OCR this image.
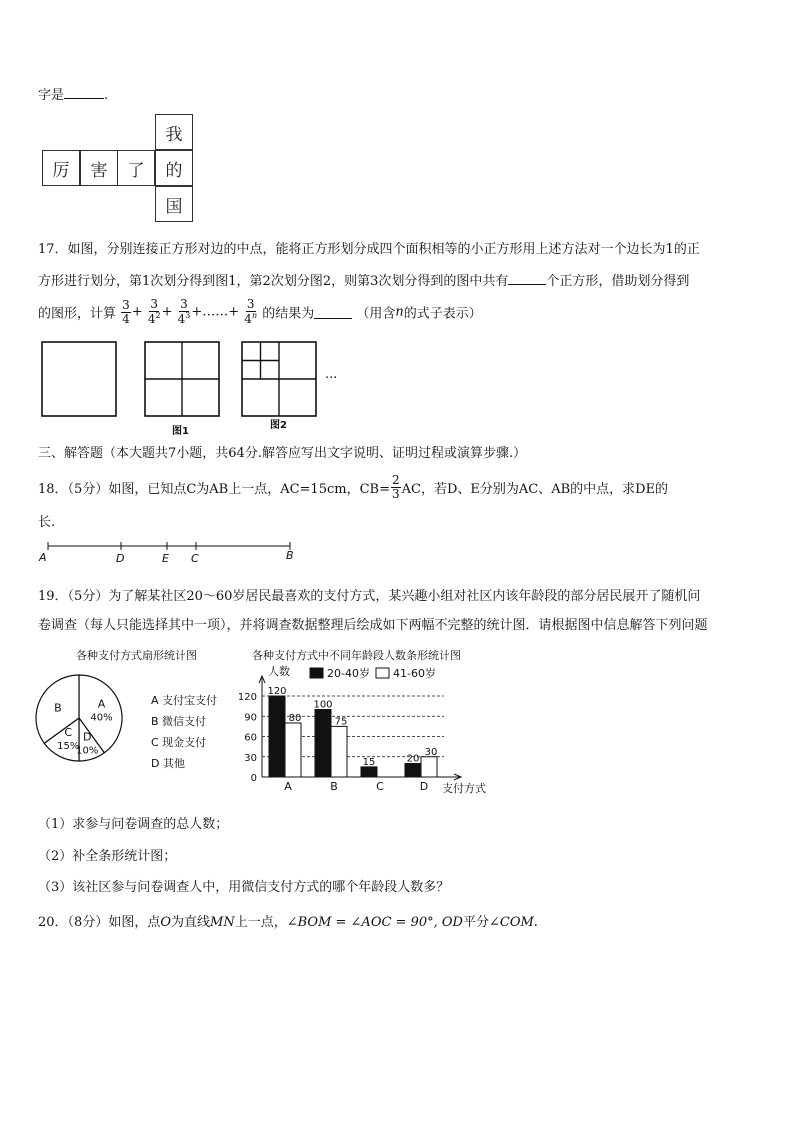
字是	.
我
厉	害	了	的
国
17．如图，分别连接正方形对边的中点，能将正方形划分成四个面积相等的小正方形用上述方法对一个边长为1的正
方形进行划分，第1次划分得到图1，第2次划分图2，则第3次划分得到的图中共有	个正方形，借助划分得到
的图形，计算 $\frac{3}{4} + \frac{3}{4^2} + \frac{3}{4^3}$ +……+ $\frac{3}{4^n}$ 的结果为	（用含n的式子表示）
···
图1
图2
三、解答题（本大题共7小题，共64分.解答应写出文字说明、证明过程或演算步骤.）
18．（5分）如图，已知点C为AB上一点，AC=15cm，$CB= \frac{2}{3}$ AC，若D、E分别为AC、AB的中点，求DE的
长.
A	D	E C	B
19．（5分）为了解某社区20～60岁居民最喜欢的支付方式，某兴趣小组对社区内该年龄段的部分居民展开了随机问
卷调查（每人只能选择其中一项），并将调查数据整理后绘成如下两幅不完整的统计图．请根据图中信息解答下列问题
各种支付方式扇形统计图
A
40%
D
10%
C
15%
B
A 支付宝支付
B 微信支付
C 现金支付
D 其他
各种支付方式中不同年龄段人数条形统计图
人数
支付方式
0
30
60
90
120
A
120
80
B
100
75
C
15
D
20
30
20-40岁 41-60岁
（1）求参与问卷调查的总人数；
（2）补全条形统计图；
（3）该社区参与问卷调查人中，用微信支付方式的哪个年龄段人数多？
20．（8分）如图，点O为直线MN上一点，∠BOM = ∠AOC = 90°, OD平分∠COM.
